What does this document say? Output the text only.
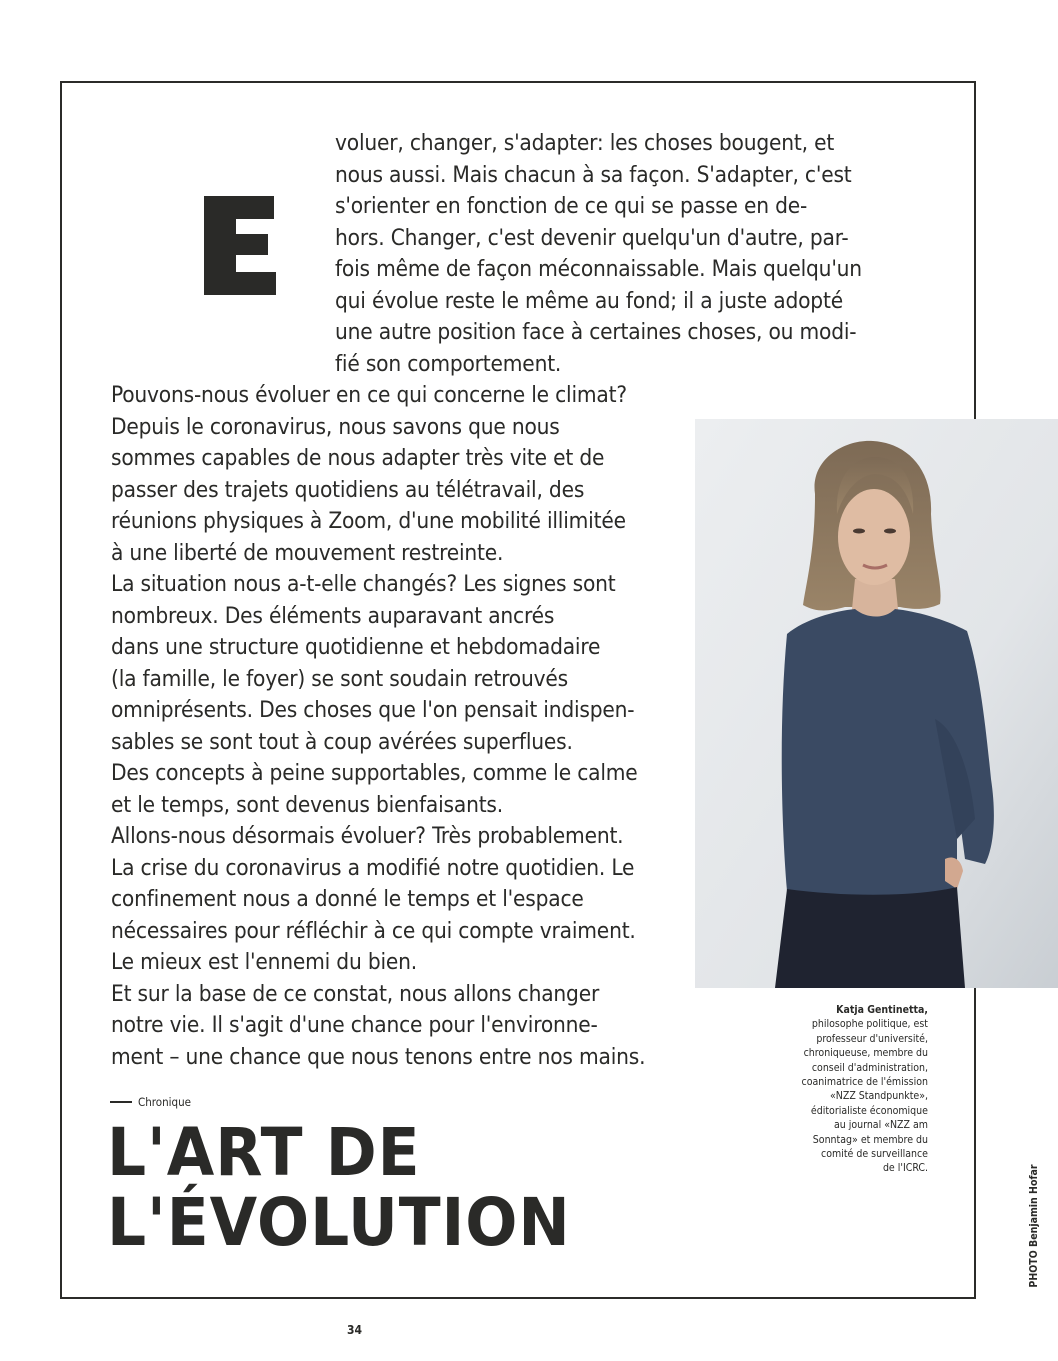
voluer, changer, s'adapter: les choses bougent, et
nous aussi. Mais chacun à sa façon. S'adapter, c'est
s'orienter en fonction de ce qui se passe en de-
hors. Changer, c'est devenir quelqu'un d'autre, par-
fois même de façon méconnaissable. Mais quelqu'un
qui évolue reste le même au fond; il a juste adopté
une autre position face à certaines choses, ou modi-
fié son comportement.
Pouvons-nous évoluer en ce qui concerne le climat?
Depuis le coronavirus, nous savons que nous
sommes capables de nous adapter très vite et de
passer des trajets quotidiens au télétravail, des
réunions physiques à Zoom, d'une mobilité illimitée
à une liberté de mouvement restreinte.
La situation nous a-t-elle changés? Les signes sont
nombreux. Des éléments auparavant ancrés
dans une structure quotidienne et hebdomadaire
(la famille, le foyer) se sont soudain retrouvés
omniprésents. Des choses que l'on pensait indispen-
sables se sont tout à coup avérées superflues.
Des concepts à peine supportables, comme le calme
et le temps, sont devenus bienfaisants.
Allons-nous désormais évoluer? Très probablement.
La crise du coronavirus a modifié notre quotidien. Le
confinement nous a donné le temps et l'espace
nécessaires pour réfléchir à ce qui compte vraiment.
Le mieux est l'ennemi du bien.
Et sur la base de ce constat, nous allons changer
notre vie. Il s'agit d'une chance pour l'environne-
ment – une chance que nous tenons entre nos mains.
Katja Gentinetta,
philosophe politique, est
professeur d'université,
chroniqueuse, membre du
conseil d'administration,
coanimatrice de l'émission
«NZZ Standpunkte»,
éditorialiste économique
au journal «NZZ am
Sonntag» et membre du
comité de surveillance
de l'ICRC.
Chronique
L'ART DE
L'ÉVOLUTION	PHOTO Benjamin Hofar
34
